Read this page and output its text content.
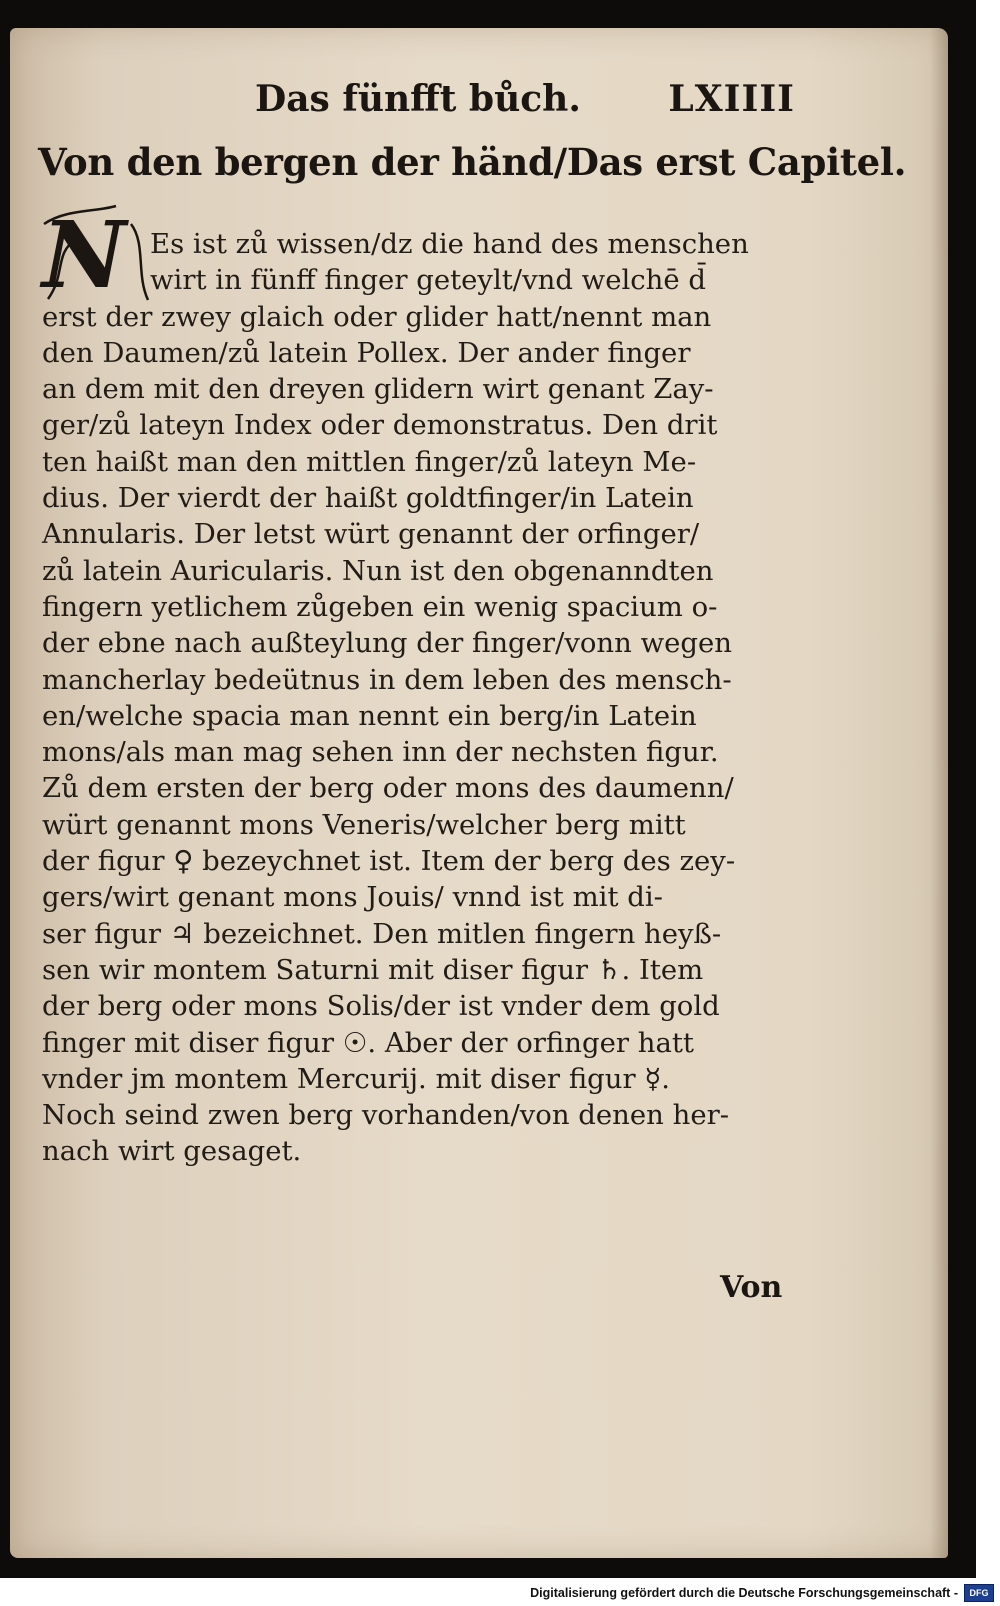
Das fünfft bůch. LXIIII
Von den bergen der händ/Das erst Capitel.
N Es ist zů wissen/dz die hand des menschen
wirt in fünff finger geteylt/vnd welchē d̄
erst der zwey glaich oder glider hatt/nennt man
den Daumen/zů latein Pollex. Der ander finger
an dem mit den dreyen glidern wirt genant Zay-
ger/zů lateyn Index oder demonstratus. Den drit
ten haißt man den mittlen finger/zů lateyn Me-
dius. Der vierdt der haißt goldtfinger/in Latein
Annularis. Der letst würt genannt der orfinger/
zů latein Auricularis. Nun ist den obgenanndten
fingern yetlichem zůgeben ein wenig spacium o-
der ebne nach außteylung der finger/vonn wegen
mancherlay bedeütnus in dem leben des mensch-
en/welche spacia man nennt ein berg/in Latein
mons/als man mag sehen inn der nechsten figur.
Zů dem ersten der berg oder mons des daumenn/
würt genannt mons Veneris/welcher berg mitt
der figur ♀ bezeychnet ist. Item der berg des zey-
gers/wirt genant mons Jouis/ vnnd ist mit di-
ser figur ♃ bezeichnet. Den mitlen fingern heyß-
sen wir montem Saturni mit diser figur ♄. Item
der berg oder mons Solis/der ist vnder dem gold
finger mit diser figur ☉. Aber der orfinger hatt
vnder jm montem Mercurij. mit diser figur ☿.
Noch seind zwen berg vorhanden/von denen her-
nach wirt gesaget.
Von
Digitalisierung gefördert durch die Deutsche Forschungsgemeinschaft -	DFG
